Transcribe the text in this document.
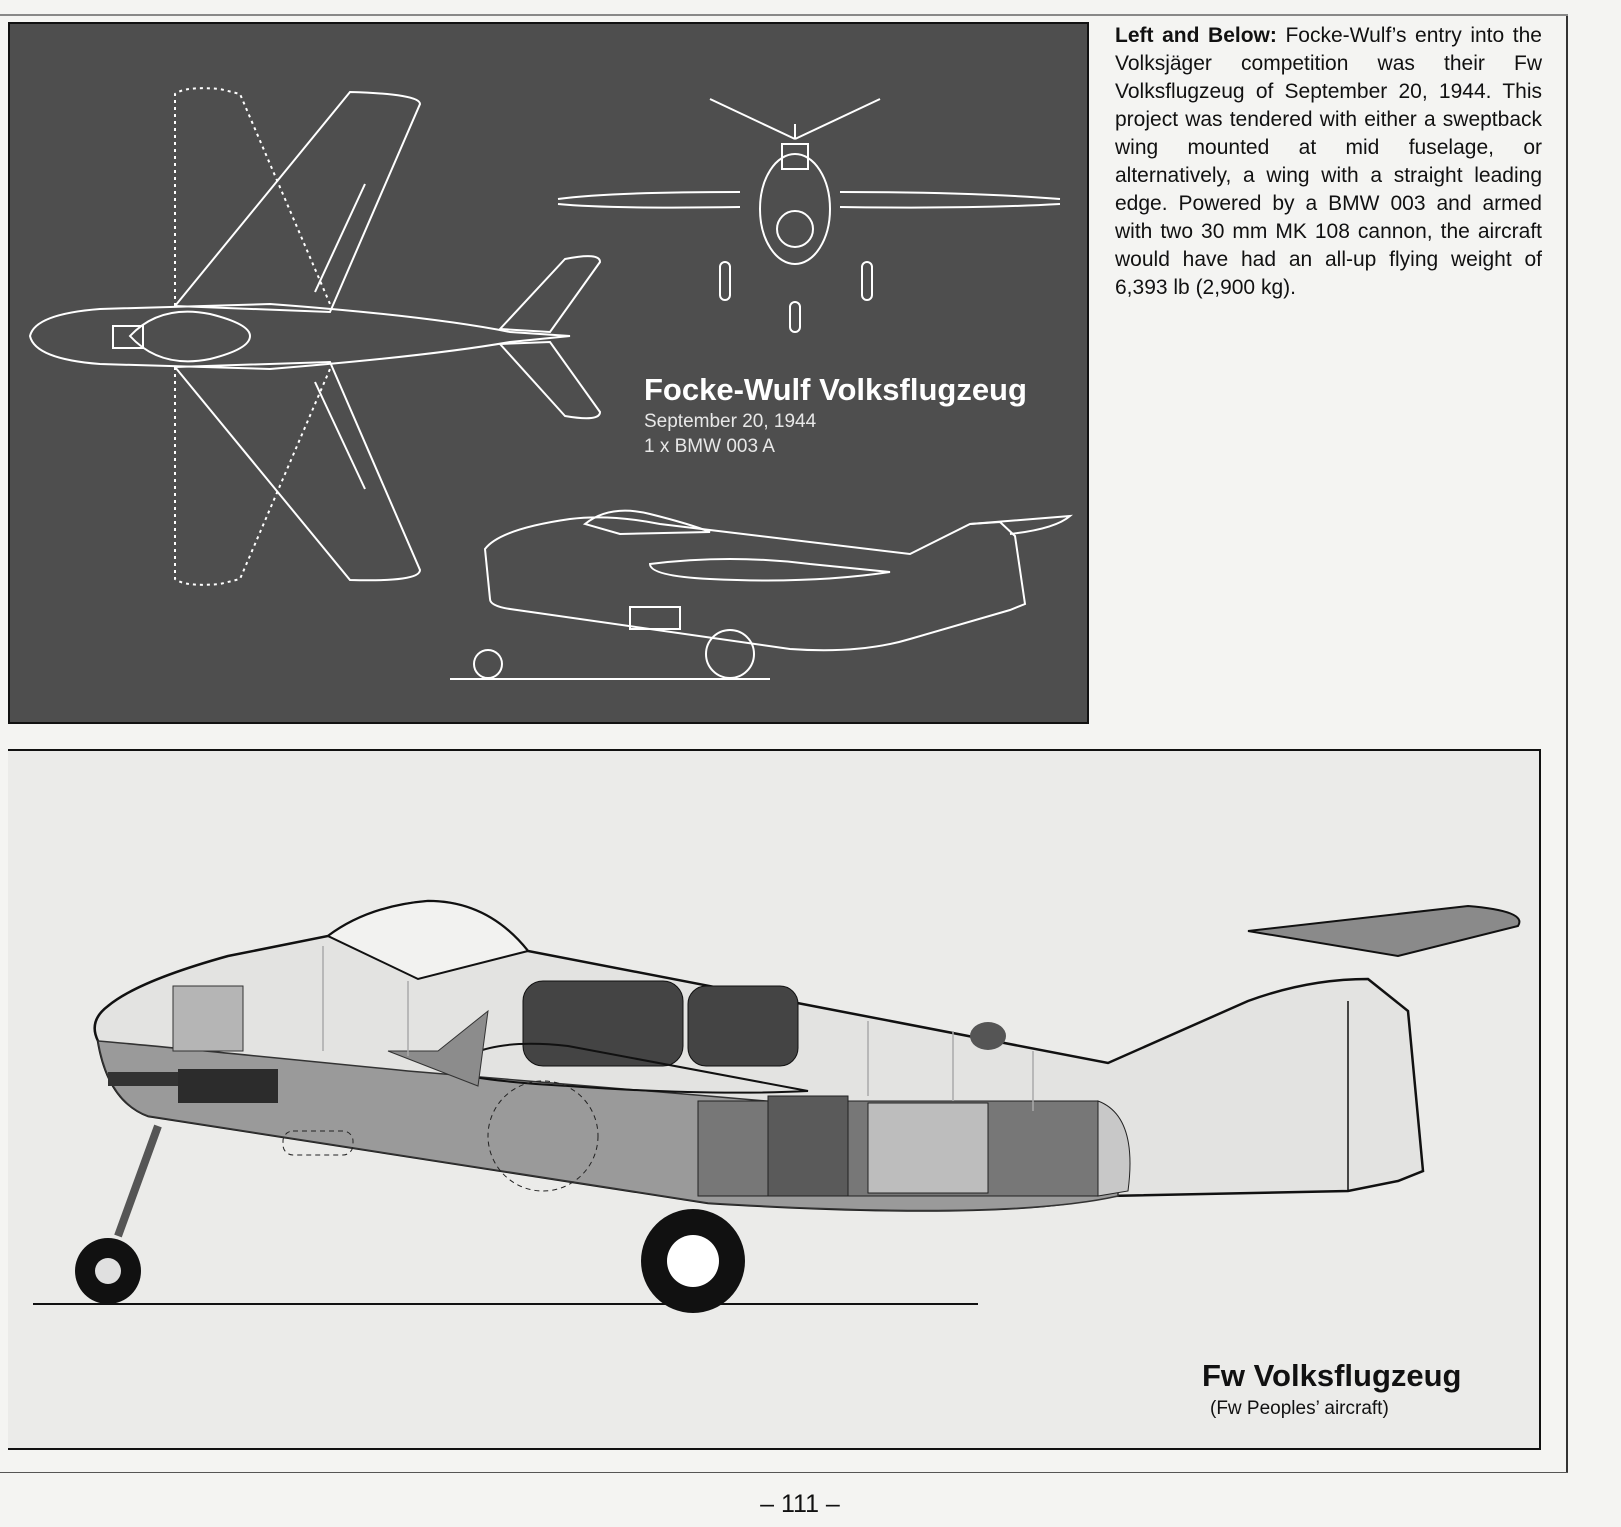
Focke-Wulf Volksflugzeug
September 20, 1944
1 x BMW 003 A
Left and Below: Focke-Wulf’s entry into the Volksjäger competition was their Fw Volksflugzeug of September 20, 1944. This project was tendered with either a sweptback wing mounted at mid fuselage, or alternatively, a wing with a straight leading edge. Powered by a BMW 003 and armed with two 30 mm MK 108 cannon, the aircraft would have had an all-up flying weight of 6,393 lb (2,900 kg).
Fw Volksflugzeug
(Fw Peoples’ aircraft)
– 111 –
